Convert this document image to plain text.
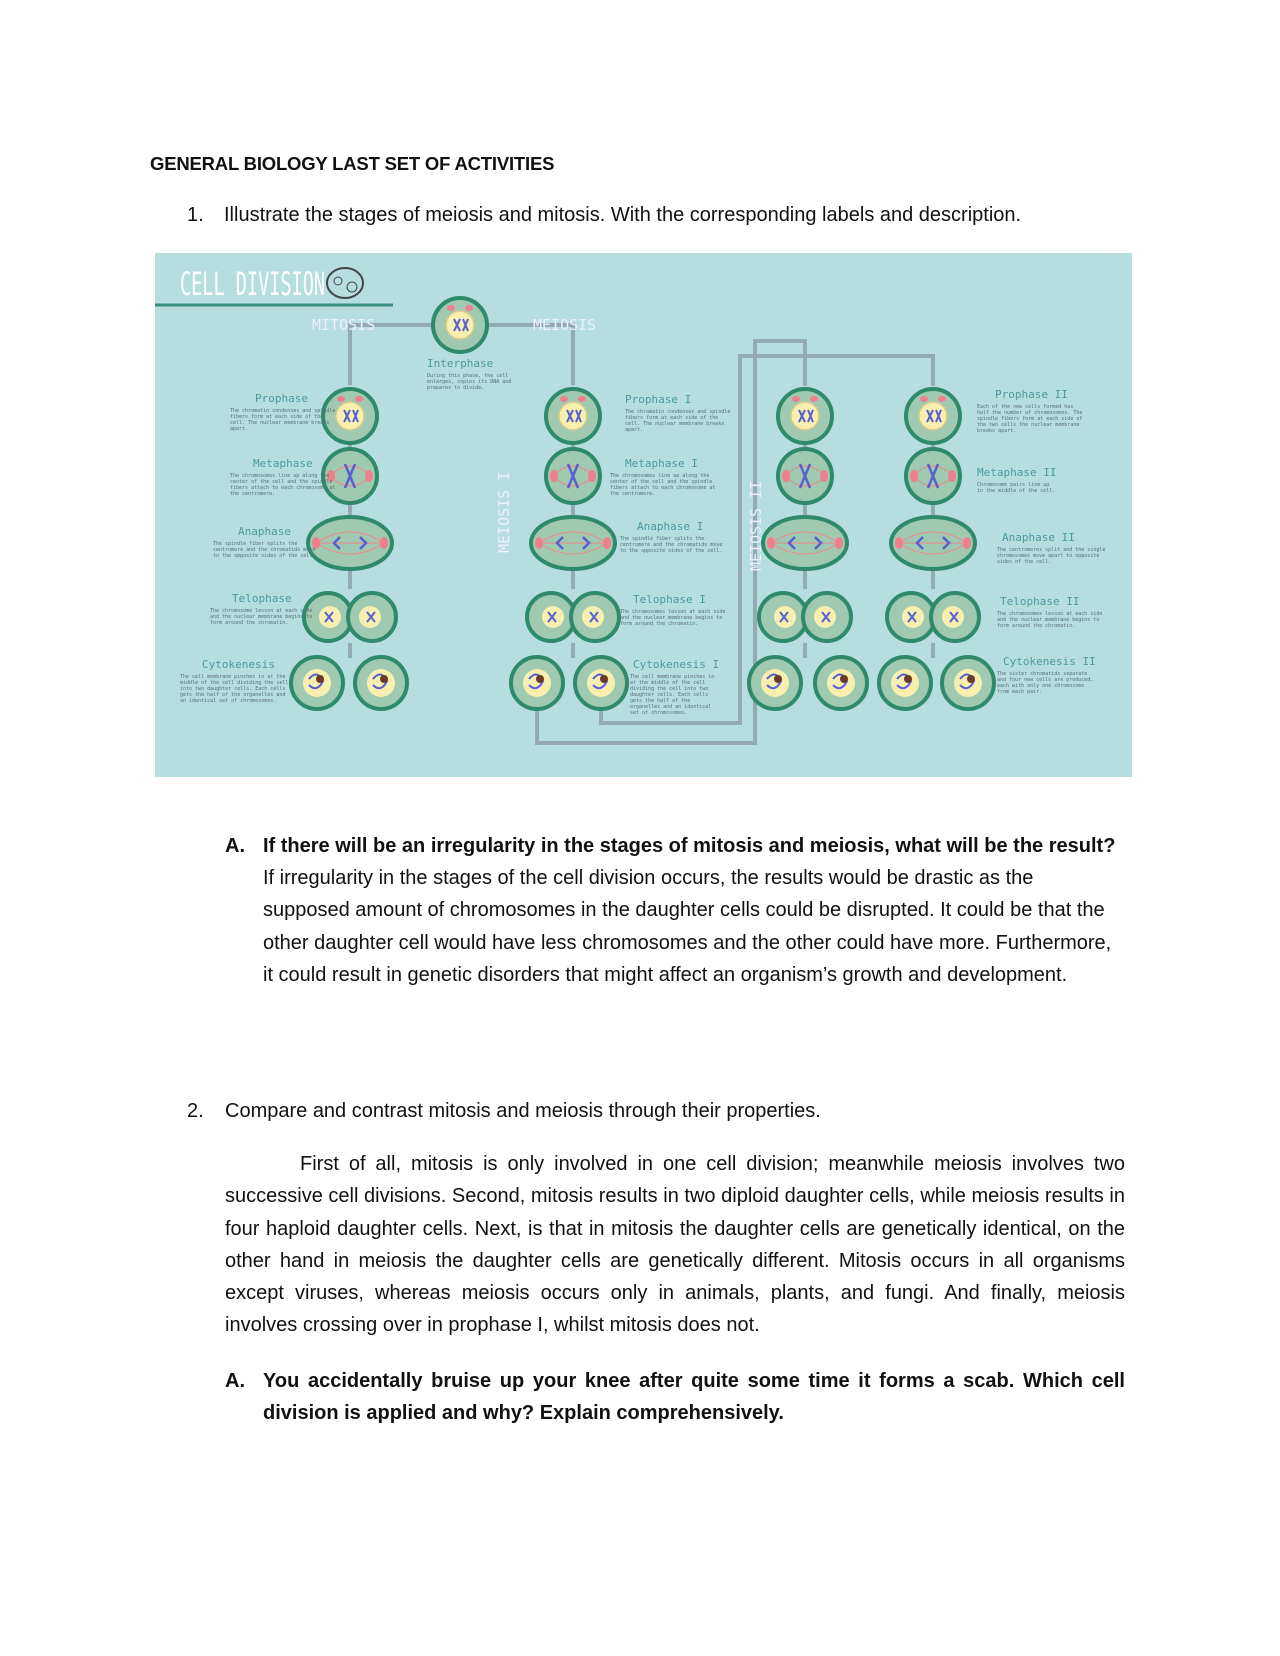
GENERAL BIOLOGY LAST SET OF ACTIVITIES
1. Illustrate the stages of meiosis and mitosis. With the corresponding labels and description.
CELL DIVISION
MITOSIS	MEIOSIS
MEIOSIS I	MEIOSIS II
Interphase
During this phase, the cell enlarges, copies its DNA and prepares to divide.
Prophase
The chromatin condenses and spindle fibers form at each side of the cell. The nuclear membrane breaks apart.
Metaphase
The chromosomes line up along the center of the cell and the spindle fibers attach to each chromosome at the centromere.
Anaphase
The spindle fiber splits the centromere and the chromatids move to the opposite sides of the cell.
Telophase
The chromosome lesson at each side and the nuclear membrane begins to form around the chromatin.
Cytokenesis
The cell membrane pinches in at the middle of the cell dividing the cell into two daughter cells. Each cells gets the half of the organelles and an identical set of chromosomes.
Prophase I
The chromatin condenses and spindle fibers form at each side of the cell. The nuclear membrane breaks apart.
Metaphase I
The chromosomes line up along the center of the cell and the spindle fibers attach to each chromosome at the centromere.
Anaphase I
The spindle fiber splits the centromere and the chromatids move to the opposite sides of the cell.
Telophase I
The chromosomes lesson at each side and the nuclear membrane begins to form around the chromatin.
Cytokenesis I
The cell membrane pinches in at the middle of the cell dividing the cell into two daughter cells. Each cells gets the half of the organelles and an identical set of chromosomes.
Prophase II
Each of the new cells formed has half the number of chromosomes. The spindle fibers form at each side of the two cells the nuclear membrane breaks apart.
Metaphase II
Chromosome pairs line up in the middle of the cell.
Anaphase II
The centromeres split and the single chromosomes move apart to opposite sides of the cell.
Telophase II
The chromosomes lesson at each side and the nuclear membrane begins to form around the chromatin.
Cytokenesis II
The sister chromatids separate and four new cells are produced, each with only one chromosome from each pair.
A. If there will be an irregularity in the stages of mitosis and meiosis, what will be the result?
If irregularity in the stages of the cell division occurs, the results would be drastic as the supposed amount of chromosomes in the daughter cells could be disrupted. It could be that the other daughter cell would have less chromosomes and the other could have more. Furthermore, it could result in genetic disorders that might affect an organism’s growth and development.
2. Compare and contrast mitosis and meiosis through their properties.
First of all, mitosis is only involved in one cell division; meanwhile meiosis involves two successive cell divisions. Second, mitosis results in two diploid daughter cells, while meiosis results in four haploid daughter cells. Next, is that in mitosis the daughter cells are genetically identical, on the other hand in meiosis the daughter cells are genetically different. Mitosis occurs in all organisms except viruses, whereas meiosis occurs only in animals, plants, and fungi. And finally, meiosis involves crossing over in prophase I, whilst mitosis does not.
A. You accidentally bruise up your knee after quite some time it forms a scab. Which cell division is applied and why? Explain comprehensively.
